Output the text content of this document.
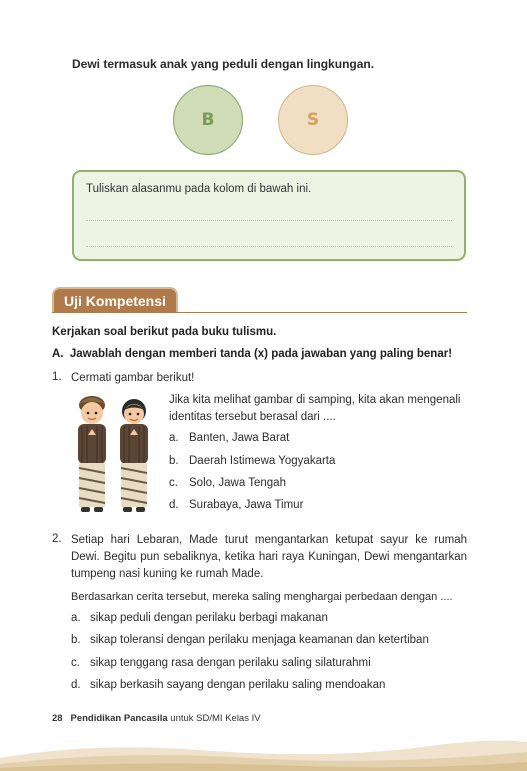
Dewi termasuk anak yang peduli dengan lingkungan.
B	S
Tuliskan alasanmu pada kolom di bawah ini.
Uji Kompetensi
Kerjakan soal berikut pada buku tulismu.
A.  Jawablah dengan memberi tanda (x) pada jawaban yang paling benar!
1. Cermati gambar berikut!
Jika kita melihat gambar di samping, kita akan mengenali
identitas tersebut berasal dari ....
a. Banten, Jawa Barat
b. Daerah Istimewa Yogyakarta
c. Solo, Jawa Tengah
d. Surabaya, Jawa Timur
2. Setiap hari Lebaran, Made turut mengantarkan ketupat sayur ke rumah
Dewi. Begitu pun sebaliknya, ketika hari raya Kuningan, Dewi mengantarkan
tumpeng nasi kuning ke rumah Made.
Berdasarkan cerita tersebut, mereka saling menghargai perbedaan dengan ....
a. sikap peduli dengan perilaku berbagi makanan
b. sikap toleransi dengan perilaku menjaga keamanan dan ketertiban
c. sikap tenggang rasa dengan perilaku saling silaturahmi
d. sikap berkasih sayang dengan perilaku saling mendoakan
28 Pendidikan Pancasila untuk SD/MI Kelas IV
